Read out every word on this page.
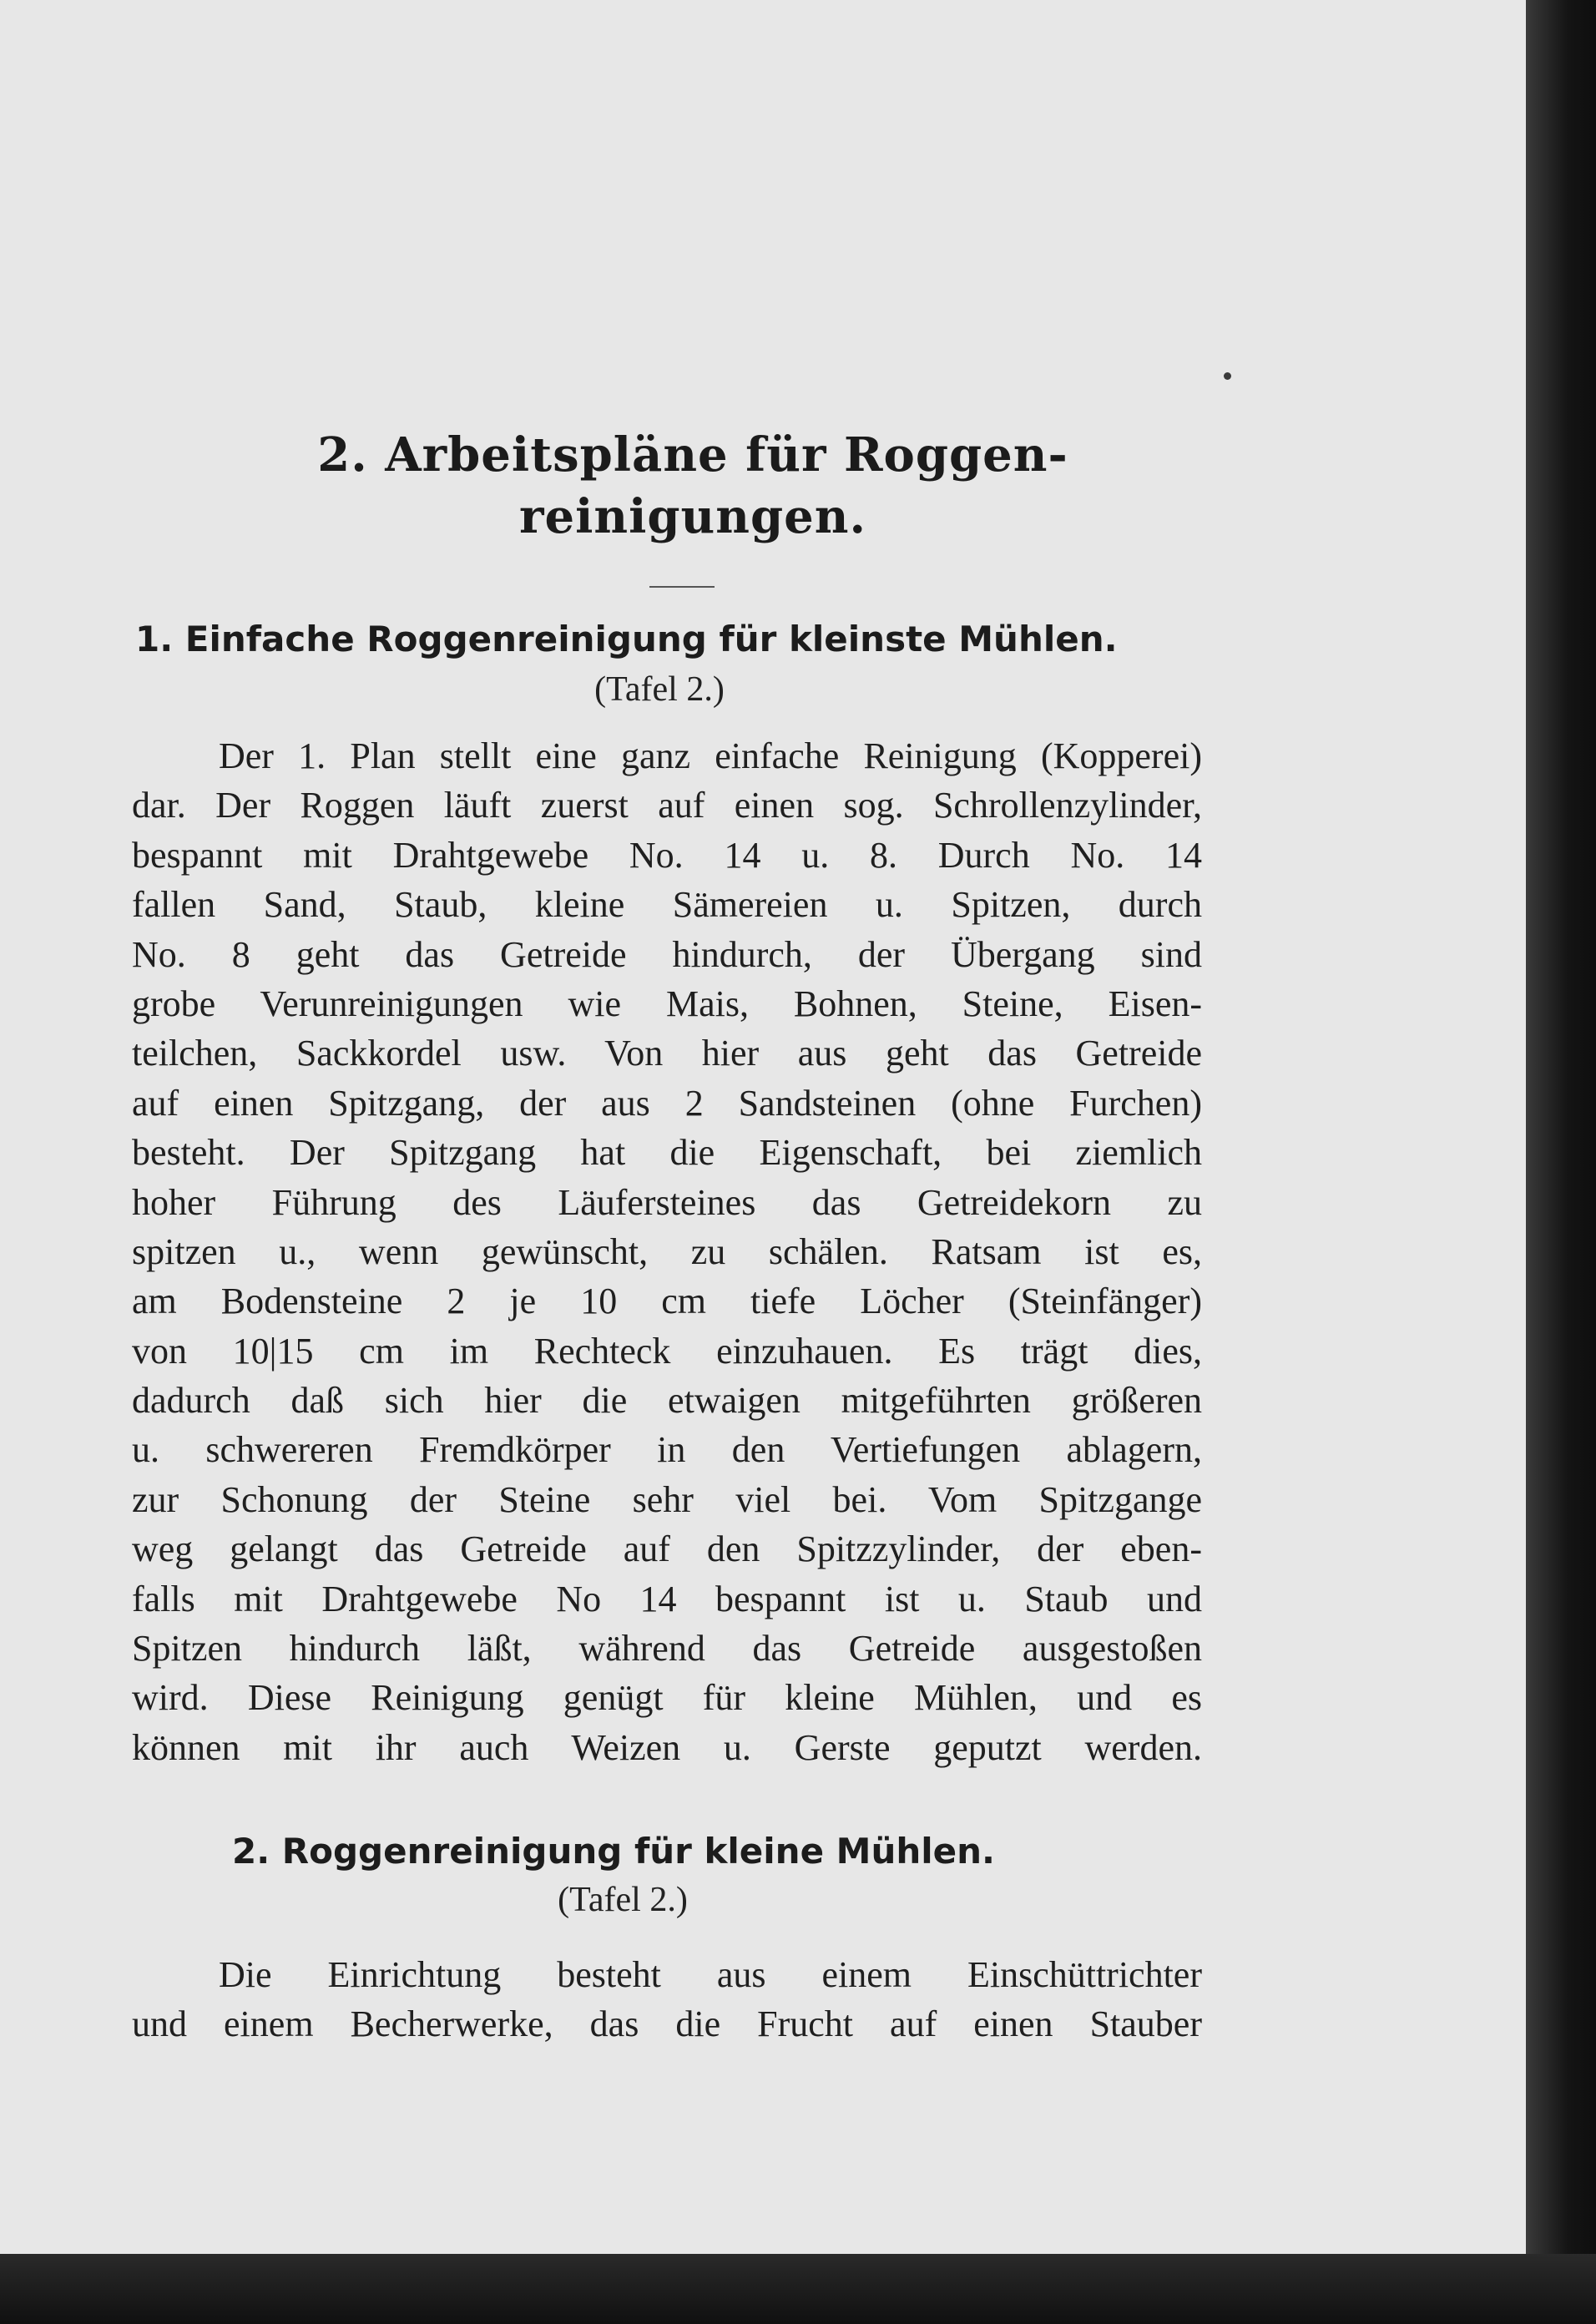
2. Arbeitspläne für Roggen-
reinigungen.
1. Einfache Roggenreinigung für kleinste Mühlen.
(Tafel 2.)
Der 1. Plan stellt eine ganz einfache Reinigung (Kopperei)
dar. Der Roggen läuft zuerst auf einen sog. Schrollenzylinder,
bespannt mit Drahtgewebe No. 14 u. 8. Durch No. 14
fallen Sand, Staub, kleine Sämereien u. Spitzen, durch
No. 8 geht das Getreide hindurch, der Übergang sind
grobe Verunreinigungen wie Mais, Bohnen, Steine, Eisen-
teilchen, Sackkordel usw. Von hier aus geht das Getreide
auf einen Spitzgang, der aus 2 Sandsteinen (ohne Furchen)
besteht. Der Spitzgang hat die Eigenschaft, bei ziemlich
hoher Führung des Läufersteines das Getreidekorn zu
spitzen u., wenn gewünscht, zu schälen. Ratsam ist es,
am Bodensteine 2 je 10 cm tiefe Löcher (Steinfänger)
von 10|15 cm im Rechteck einzuhauen. Es trägt dies,
dadurch daß sich hier die etwaigen mitgeführten größeren
u. schwereren Fremdkörper in den Vertiefungen ablagern,
zur Schonung der Steine sehr viel bei. Vom Spitzgange
weg gelangt das Getreide auf den Spitzzylinder, der eben-
falls mit Drahtgewebe No 14 bespannt ist u. Staub und
Spitzen hindurch läßt, während das Getreide ausgestoßen
wird. Diese Reinigung genügt für kleine Mühlen, und es
können mit ihr auch Weizen u. Gerste geputzt werden.
2. Roggenreinigung für kleine Mühlen.
(Tafel 2.)
Die Einrichtung besteht aus einem Einschüttrichter
und einem Becherwerke, das die Frucht auf einen Stauber
